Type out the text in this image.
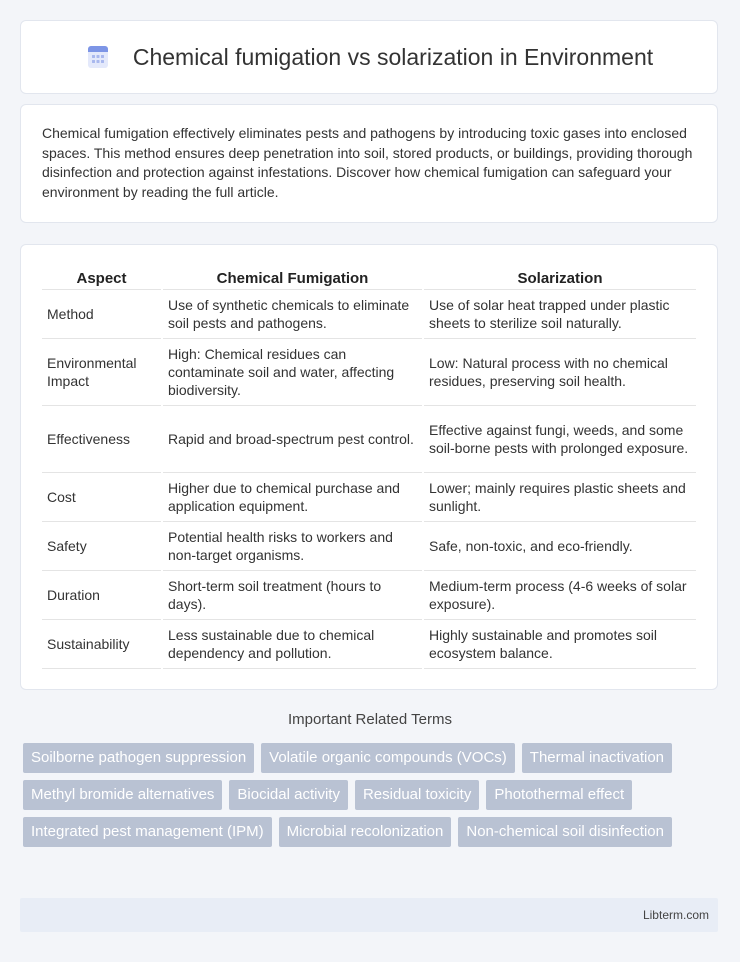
Chemical fumigation vs solarization in Environment

Chemical fumigation effectively eliminates pests and pathogens by introducing toxic gases into enclosed spaces. This method ensures deep penetration into soil, stored products, or buildings, providing thorough disinfection and protection against infestations. Discover how chemical fumigation can safeguard your environment by reading the full article.

Aspect	Chemical Fumigation	Solarization
Method	Use of synthetic chemicals to eliminate soil pests and pathogens.	Use of solar heat trapped under plastic sheets to sterilize soil naturally.
Environmental Impact	High: Chemical residues can contaminate soil and water, affecting biodiversity.	Low: Natural process with no chemical residues, preserving soil health.
Effectiveness	Rapid and broad-spectrum pest control.	Effective against fungi, weeds, and some soil-borne pests with prolonged exposure.
Cost	Higher due to chemical purchase and application equipment.	Lower; mainly requires plastic sheets and sunlight.
Safety	Potential health risks to workers and non-target organisms.	Safe, non-toxic, and eco-friendly.
Duration	Short-term soil treatment (hours to days).	Medium-term process (4-6 weeks of solar exposure).
Sustainability	Less sustainable due to chemical dependency and pollution.	Highly sustainable and promotes soil ecosystem balance.
Important Related Terms
Soilborne pathogen suppression	Volatile organic compounds (VOCs)	Thermal inactivation
Methyl bromide alternatives	Biocidal activity	Residual toxicity	Photothermal effect
Integrated pest management (IPM)	Microbial recolonization	Non-chemical soil disinfection
Libterm.com
